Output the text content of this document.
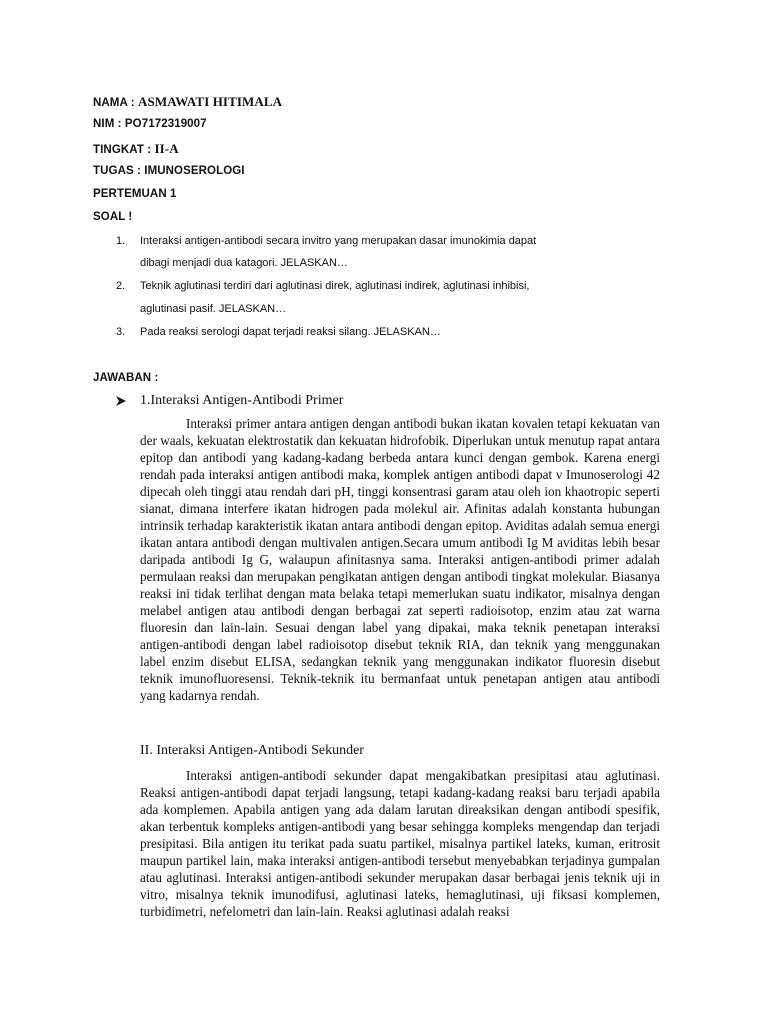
NAMA : ASMAWATI HITIMALA
NIM : PO7172319007
TINGKAT : II-A
TUGAS : IMUNOSEROLOGI
PERTEMUAN 1
SOAL !
1. Interaksi antigen-antibodi secara invitro yang merupakan dasar imunokimia dapat
dibagi menjadi dua katagori. JELASKAN…
2. Teknik aglutinasi terdiri dari aglutinasi direk, aglutinasi indirek, aglutinasi inhibisi,
aglutinasi pasif. JELASKAN…
3. Pada reaksi serologi dapat terjadi reaksi silang. JELASKAN…
JAWABAN :
1.Interaksi Antigen-Antibodi Primer

Interaksi primer antara antigen dengan antibodi bukan ikatan kovalen tetapi kekuatan van der waals, kekuatan elektrostatik dan kekuatan hidrofobik. Diperlukan untuk menutup rapat antara epitop dan antibodi yang kadang-kadang berbeda antara kunci dengan gembok. Karena energi rendah pada interaksi antigen antibodi maka, komplek antigen antibodi dapat ν Imunoserologi 42 dipecah oleh tinggi atau rendah dari pH, tinggi konsentrasi garam atau oleh ion khaotropic seperti sianat, dimana interfere ikatan hidrogen pada molekul air. Afinitas adalah konstanta hubungan intrinsik terhadap karakteristik ikatan antara antibodi dengan epitop. Aviditas adalah semua energi ikatan antara antibodi dengan multivalen antigen.Secara umum antibodi Ig M aviditas lebih besar daripada antibodi Ig G, walaupun afinitasnya sama. Interaksi antigen-antibodi primer adalah permulaan reaksi dan merupakan pengikatan antigen dengan antibodi tingkat molekular. Biasanya reaksi ini tidak terlihat dengan mata belaka tetapi memerlukan suatu indikator, misalnya dengan melabel antigen atau antibodi dengan berbagai zat seperti radioisotop, enzim atau zat warna fluoresin dan lain-lain. Sesuai dengan label yang dipakai, maka teknik penetapan interaksi antigen-antibodi dengan label radioisotop disebut teknik RIA, dan teknik yang menggunakan label enzim disebut ELISA, sedangkan teknik yang menggunakan indikator fluoresin disebut teknik imunofluoresensi. Teknik-teknik itu bermanfaat untuk penetapan antigen atau antibodi yang kadarnya rendah.

II. Interaksi Antigen-Antibodi Sekunder

Interaksi antigen-antibodi sekunder dapat mengakibatkan presipitasi atau aglutinasi. Reaksi antigen-antibodi dapat terjadi langsung, tetapi kadang-kadang reaksi baru terjadi apabila ada komplemen. Apabila antigen yang ada dalam larutan direaksikan dengan antibodi spesifik, akan terbentuk kompleks antigen-antibodi yang besar sehingga kompleks mengendap dan terjadi presipitasi. Bila antigen itu terikat pada suatu partikel, misalnya partikel lateks, kuman, eritrosit maupun partikel lain, maka interaksi antigen-antibodi tersebut menyebabkan terjadinya gumpalan atau aglutinasi. Interaksi antigen-antibodi sekunder merupakan dasar berbagai jenis teknik uji in vitro, misalnya teknik imunodifusi, aglutinasi lateks, hemaglutinasi, uji fiksasi komplemen, turbidimetri, nefelometri dan lain-lain. Reaksi aglutinasi adalah reaksi
